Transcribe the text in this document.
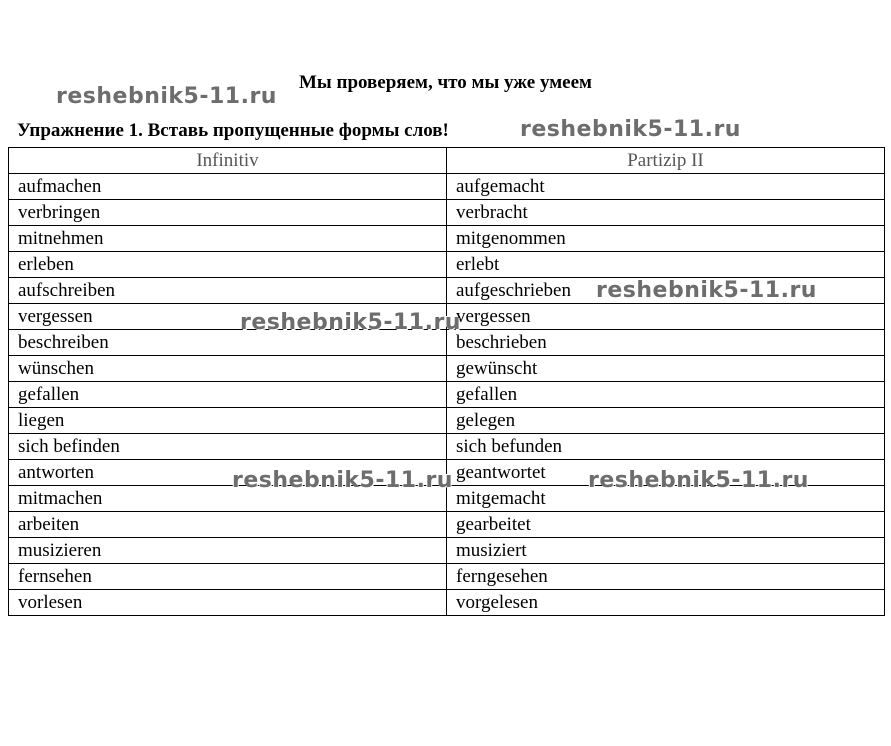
Мы проверяем, что мы уже умеем
Упражнение 1. Вставь пропущенные формы слов!
Infinitiv	Partizip II
aufmachen	aufgemacht
verbringen	verbracht
mitnehmen	mitgenommen
erleben	erlebt
aufschreiben	aufgeschrieben
vergessen	vergessen
beschreiben	beschrieben
wünschen	gewünscht
gefallen	gefallen
liegen	gelegen
sich befinden	sich befunden
antworten	geantwortet
mitmachen	mitgemacht
arbeiten	gearbeitet
musizieren	musiziert
fernsehen	ferngesehen
vorlesen	vorgelesen
reshebnik5-11.ru
reshebnik5-11.ru
reshebnik5-11.ru
reshebnik5-11.ru
reshebnik5-11.ru	reshebnik5-11.ru
